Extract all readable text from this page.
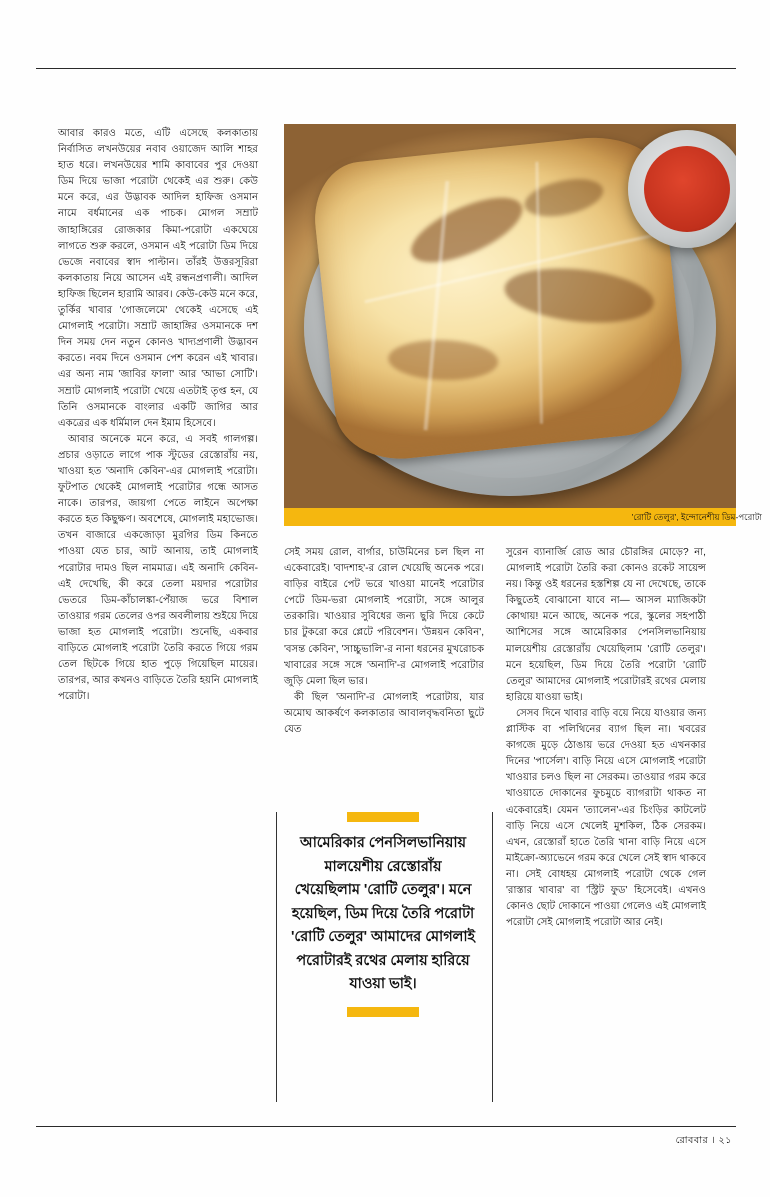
আবার কারও মতে, এটি এসেছে কলকাতায় নির্বাসিত লখনউয়ের নবাব ওয়াজেদ আলি শাহর হাত ধরে। লখনউয়ের শামি কাবাবের পুর দেওয়া ডিম দিয়ে ভাজা পরোটা থেকেই এর শুরু। কেউ মনে করে, এর উদ্ভাবক আদিল হাফিজ ওসমান নামে বর্ধমানের এক পাচক। মোগল সম্রাট জাহাঙ্গিরের রোজকার কিমা-পরোটা একঘেয়ে লাগতে শুরু করলে, ওসমান এই পরোটা ডিম দিয়ে ভেজে নবাবের স্বাদ পাল্টান। তাঁরই উত্তরসূরিরা কলকাতায় নিয়ে আসেন এই রন্ধনপ্রণালী। আদিল হাফিজ ছিলেন হারামি আরব। কেউ-কেউ মনে করে, তুর্কির খাবার 'গোজলেমে' থেকেই এসেছে এই মোগলাই পরোটা। সম্রাট জাহাঙ্গির ওসমানকে দশ দিন সময় দেন নতুন কোনও খাদ্যপ্রণালী উদ্ভাবন করতে। নবম দিনে ওসমান পেশ করেন এই খাবার। এর অন্য নাম 'জাবির ফালা' আর 'আভা সোটি'। সম্রাট মোগলাই পরোটা খেয়ে এতটাই তৃপ্ত হন, যে তিনি ওসমানকে বাংলার একটি জাগির আর একত্রের এক ধর্মিমাল দেন ইমাম হিসেবে।

আবার অনেকে মনে করে, এ সবই গালগল্প। প্রচার ওড়াতে লাগে পাক স্টুডের রেস্তোরাঁয় নয়, খাওয়া হত 'অনাদি কেবিন'-এর মোগলাই পরোটা। ফুটপাত থেকেই মোগলাই পরোটার গন্ধে আসত নাকে। তারপর, জায়গা পেতে লাইনে অপেক্ষা করতে হত কিছুক্ষণ। অবশেষে, মোগলাই মহাভোজ। তখন বাজারে একজোড়া মুরগির ডিম কিনতে পাওয়া যেত চার, আট আনায়, তাই মোগলাই পরোটার দামও ছিল নামমাত্র। এই অনাদি কেবিন-এই দেখেছি, কী করে তেলা ময়দার পরোটার ভেতরে ডিম-কাঁচালঙ্কা-পেঁয়াজ ভরে বিশাল তাওয়ার গরম তেলের ওপর অবলীলায় শুইয়ে দিয়ে ভাজা হত মোগলাই পরোটা। শুনেছি, একবার বাড়িতে মোগলাই পরোটা তৈরি করতে গিয়ে গরম তেল ছিটকে গিয়ে হাত পুড়ে গিয়েছিল মায়ের। তারপর, আর কখনও বাড়িতে তৈরি হয়নি মোগলাই পরোটা।

'রোটি তেলুর', ইন্দোনেশীয় ডিম-পরোটা

সেই সময় রোল, বার্গার, চাউমিনের চল ছিল না একেবারেই। 'বাদশাহ'-র রোল খেয়েছি অনেক পরে। বাড়ির বাইরে পেট ভরে খাওয়া মানেই পরোটার পেটে ডিম-ভরা মোগলাই পরোটা, সঙ্গে আলুর তরকারি। খাওয়ার সুবিধের জন্য ছুরি দিয়ে কেটে চার টুকরো করে প্লেটে পরিবেশন। 'উন্নয়ন কেবিন', 'বসন্ত কেবিন', 'সাচ্চুভালি'-র নানা ধরনের মুখরোচক খাবারের সঙ্গে সঙ্গে 'অনাদি'-র মোগলাই পরোটার জুড়ি মেলা ছিল ভার।

কী ছিল 'অনাদি'-র মোগলাই পরোটায়, যার অমোঘ আকর্ষণে কলকাতার আবালবৃদ্ধবনিতা ছুটে যেত

আমেরিকার পেনসিলভানিয়ায় মালয়েশীয় রেস্তোরাঁয় খেয়েছিলাম 'রোটি তেলুর'। মনে হয়েছিল, ডিম দিয়ে তৈরি পরোটা 'রোটি তেলুর' আমাদের মোগলাই পরোটারই রথের মেলায় হারিয়ে যাওয়া ভাই।

সুরেন ব্যানার্জি রোড আর চৌরঙ্গির মোড়ে? না, মোগলাই পরোটা তৈরি করা কোনও রকেট সায়েন্স নয়। কিন্তু ওই ধরনের হস্তশিল্প যে না দেখেছে, তাকে কিছুতেই বোঝানো যাবে না— আসল ম্যাজিকটা কোথায়! মনে আছে, অনেক পরে, স্কুলের সহপাঠী আশিসের সঙ্গে আমেরিকার পেনসিলভানিয়ায় মালয়েশীয় রেস্তোরাঁয় খেয়েছিলাম 'রোটি তেলুর'। মনে হয়েছিল, ডিম দিয়ে তৈরি পরোটা 'রোটি তেলুর' আমাদের মোগলাই পরোটারই রথের মেলায় হারিয়ে যাওয়া ভাই।

সেসব দিনে খাবার বাড়ি বয়ে নিয়ে যাওয়ার জন্য প্লাস্টিক বা পলিথিনের ব্যাগ ছিল না। খবরের কাগজে মুড়ে ঠোঙায় ভরে দেওয়া হত এখনকার দিনের 'পার্সেল'। বাড়ি নিয়ে এসে মোগলাই পরোটা খাওয়ার চলও ছিল না সেরকম। তাওয়ার গরম করে খাওয়াতে দোকানের ফুচমুচে ব্যাগরাটা থাকত না একেবারেই। যেমন 'ত্যালেন'-এর চিংড়ির কাটলেট বাড়ি নিয়ে এসে খেলেই মুশকিল, ঠিক সেরকম। এখন, রেস্তোরাঁ হাতে তৈরি খানা বাড়ি নিয়ে এসে মাইক্রো-অ্যাভেনে গরম করে খেলে সেই স্বাদ থাকবে না। সেই বোধহয় মোগলাই পরোটা থেকে গেল 'রাস্তার খাবার' বা 'স্ট্রিট ফুড' হিসেবেই। এখনও কোনও ছোট দোকানে পাওয়া গেলেও এই মোগলাই পরোটা সেই মোগলাই পরোটা আর নেই।

রোববার । ২১
